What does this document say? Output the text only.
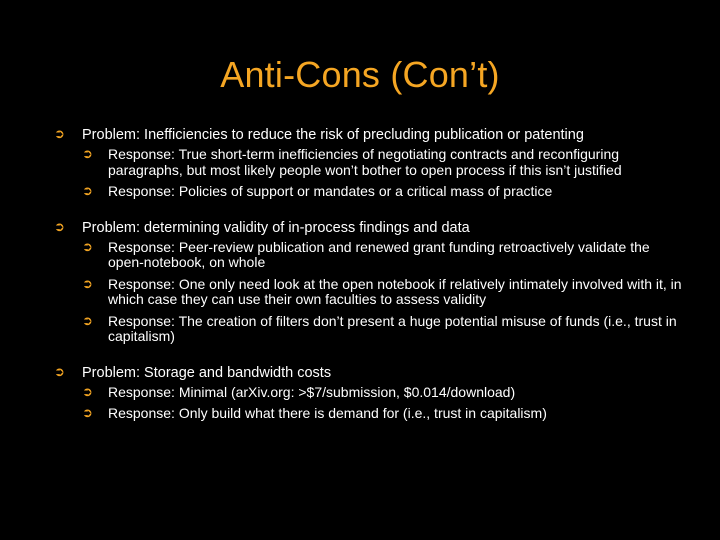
Anti-Cons (Con’t)
➲ Problem: Inefficiencies to reduce the risk of precluding publication or patenting
➲ Response: True short-term inefficiencies of negotiating contracts and reconfiguring paragraphs, but most likely people won’t bother to open process if this isn’t justified
➲ Response: Policies of support or mandates or a critical mass of practice
➲ Problem: determining validity of in-process findings and data
➲ Response: Peer-review publication and renewed grant funding retroactively validate the open-notebook, on whole
➲ Response: One only need look at the open notebook if relatively intimately involved with it, in which case they can use their own faculties to assess validity
➲ Response: The creation of filters don’t present a huge potential misuse of funds (i.e., trust in capitalism)
➲ Problem: Storage and bandwidth costs
➲ Response: Minimal (arXiv.org: >$7/submission, $0.014/download)
➲ Response: Only build what there is demand for (i.e., trust in capitalism)
